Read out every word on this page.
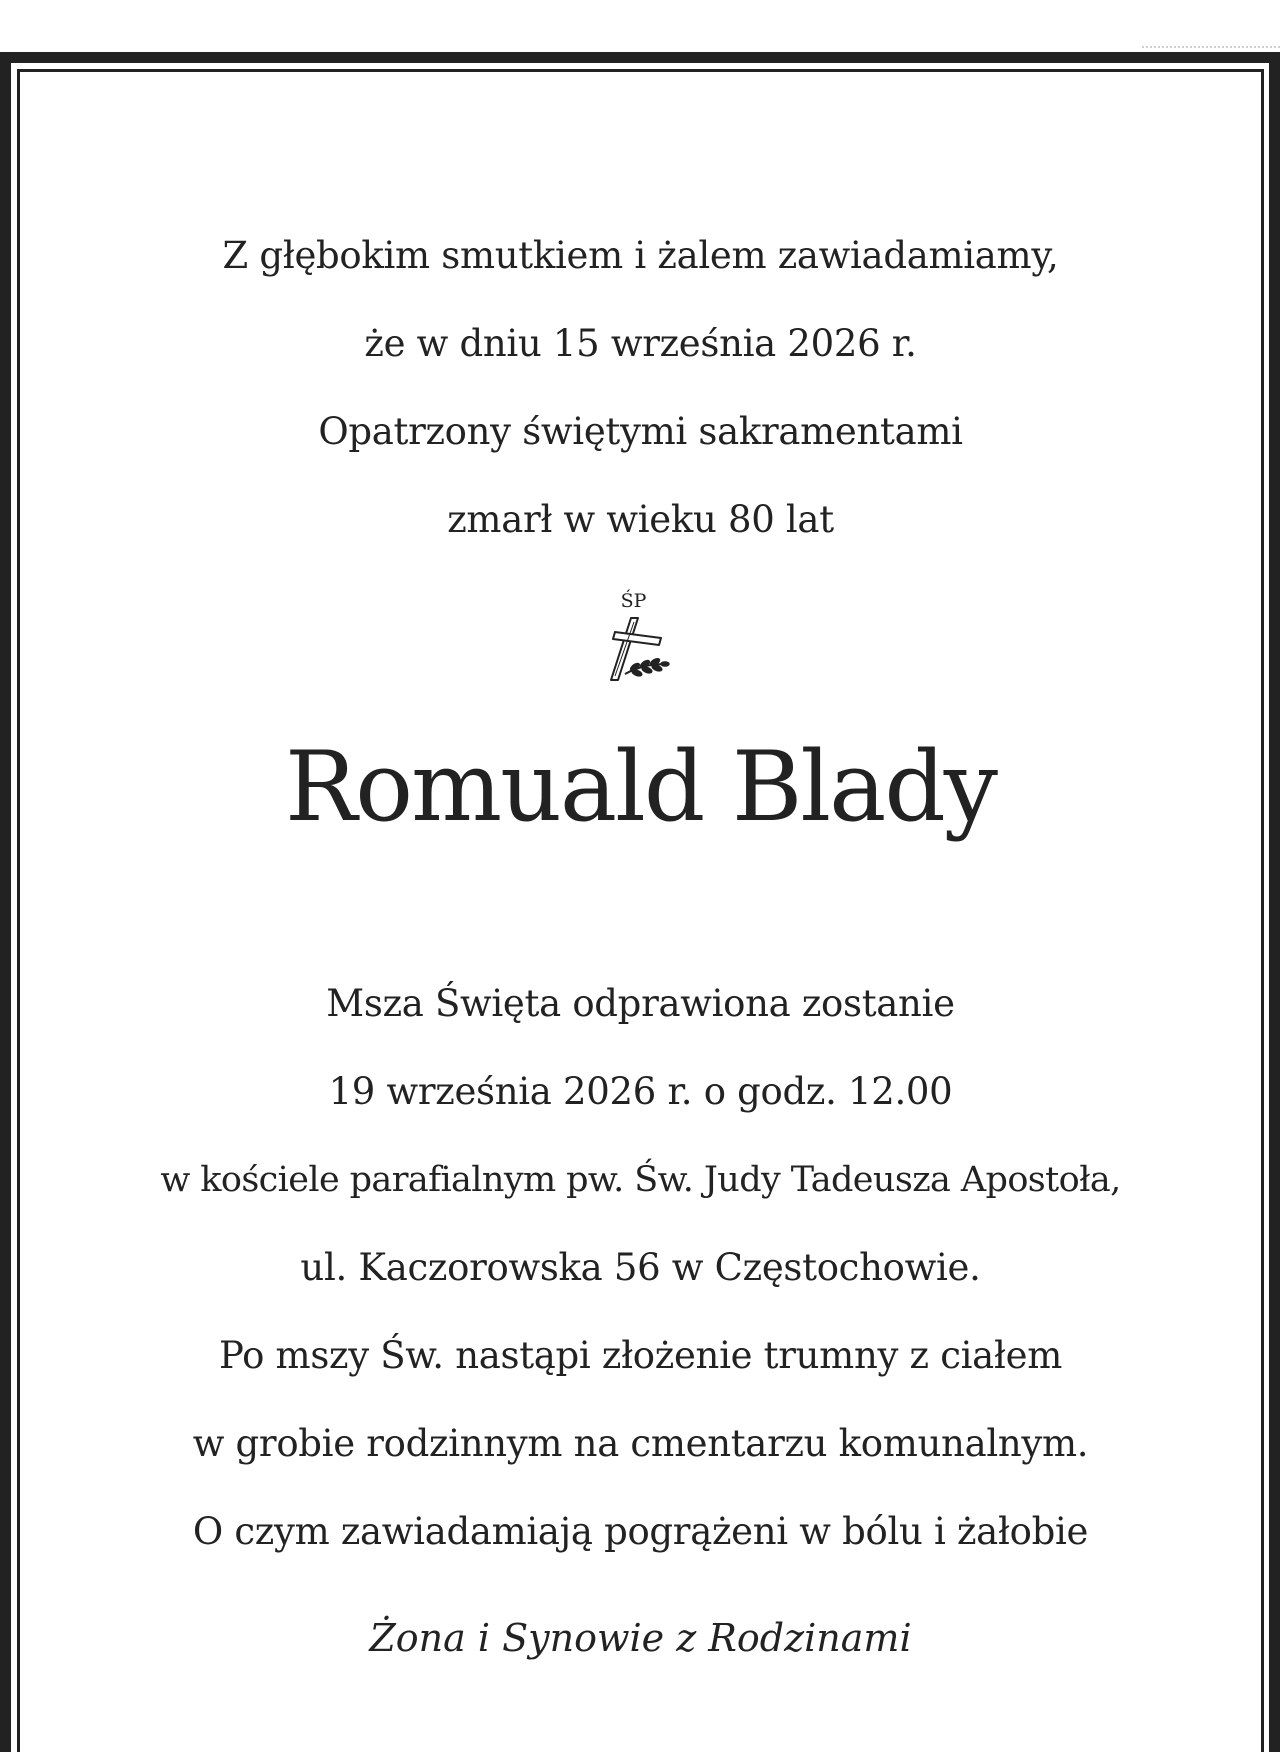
Z głębokim smutkiem i żalem zawiadamiamy,

że w dniu 15 września 2026 r.

Opatrzony świętymi sakramentami

zmarł w wieku 80 lat

ŚP
Romuald Blady

Msza Święta odprawiona zostanie

19 września 2026 r. o godz. 12.00

w kościele parafialnym pw. Św. Judy Tadeusza Apostoła,

ul. Kaczorowska 56 w Częstochowie.

Po mszy Św. nastąpi złożenie trumny z ciałem

w grobie rodzinnym na cmentarzu komunalnym.

O czym zawiadamiają pogrążeni w bólu i żałobie

Żona i Synowie z Rodzinami
